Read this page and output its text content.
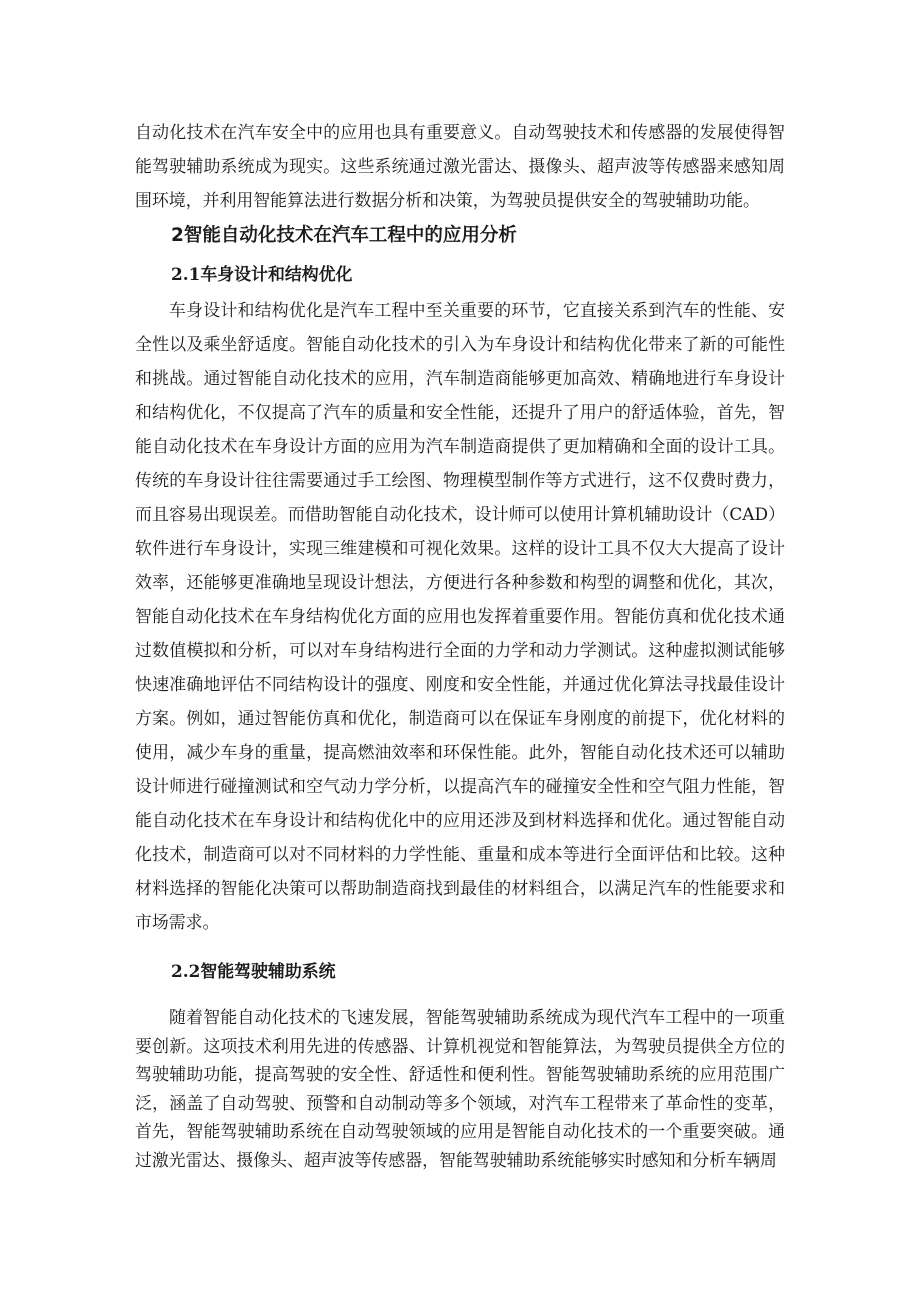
自动化技术在汽车安全中的应用也具有重要意义。自动驾驶技术和传感器的发展使得智能驾驶辅助系统成为现实。这些系统通过激光雷达、摄像头、超声波等传感器来感知周围环境，并利用智能算法进行数据分析和决策，为驾驶员提供安全的驾驶辅助功能。

2智能自动化技术在汽车工程中的应用分析
2.1车身设计和结构优化

车身设计和结构优化是汽车工程中至关重要的环节，它直接关系到汽车的性能、安全性以及乘坐舒适度。智能自动化技术的引入为车身设计和结构优化带来了新的可能性和挑战。通过智能自动化技术的应用，汽车制造商能够更加高效、精确地进行车身设计和结构优化，不仅提高了汽车的质量和安全性能，还提升了用户的舒适体验，首先，智能自动化技术在车身设计方面的应用为汽车制造商提供了更加精确和全面的设计工具。传统的车身设计往往需要通过手工绘图、物理模型制作等方式进行，这不仅费时费力，而且容易出现误差。而借助智能自动化技术，设计师可以使用计算机辅助设计（CAD）软件进行车身设计，实现三维建模和可视化效果。这样的设计工具不仅大大提高了设计效率，还能够更准确地呈现设计想法，方便进行各种参数和构型的调整和优化，其次，智能自动化技术在车身结构优化方面的应用也发挥着重要作用。智能仿真和优化技术通过数值模拟和分析，可以对车身结构进行全面的力学和动力学测试。这种虚拟测试能够快速准确地评估不同结构设计的强度、刚度和安全性能，并通过优化算法寻找最佳设计方案。例如，通过智能仿真和优化，制造商可以在保证车身刚度的前提下，优化材料的使用，减少车身的重量，提高燃油效率和环保性能。此外，智能自动化技术还可以辅助设计师进行碰撞测试和空气动力学分析，以提高汽车的碰撞安全性和空气阻力性能，智能自动化技术在车身设计和结构优化中的应用还涉及到材料选择和优化。通过智能自动化技术，制造商可以对不同材料的力学性能、重量和成本等进行全面评估和比较。这种材料选择的智能化决策可以帮助制造商找到最佳的材料组合，以满足汽车的性能要求和市场需求。

2.2智能驾驶辅助系统

随着智能自动化技术的飞速发展，智能驾驶辅助系统成为现代汽车工程中的一项重要创新。这项技术利用先进的传感器、计算机视觉和智能算法，为驾驶员提供全方位的驾驶辅助功能，提高驾驶的安全性、舒适性和便利性。智能驾驶辅助系统的应用范围广泛，涵盖了自动驾驶、预警和自动制动等多个领域，对汽车工程带来了革命性的变革，首先，智能驾驶辅助系统在自动驾驶领域的应用是智能自动化技术的一个重要突破。通过激光雷达、摄像头、超声波等传感器，智能驾驶辅助系统能够实时感知和分析车辆周
